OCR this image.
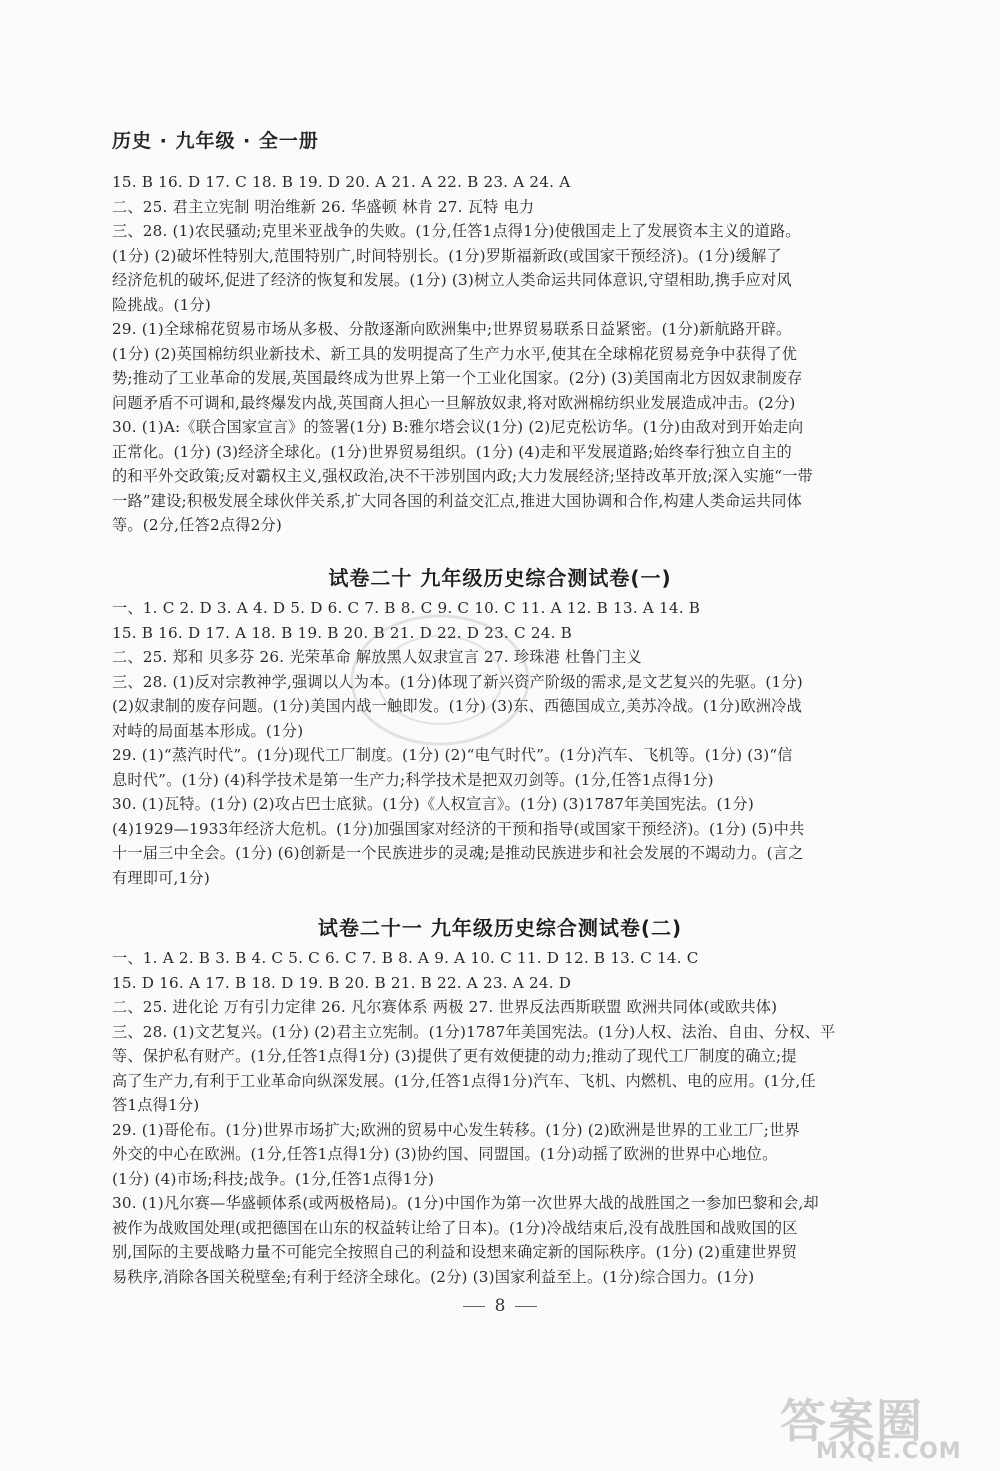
历史 · 九年级 · 全一册
15. B 16. D 17. C 18. B 19. D 20. A 21. A 22. B 23. A 24. A
二、25. 君主立宪制 明治维新 26. 华盛顿 林肯 27. 瓦特 电力
三、28. (1)农民骚动;克里米亚战争的失败。(1分,任答1点得1分)使俄国走上了发展资本主义的道路。
(1分) (2)破坏性特别大,范围特别广,时间特别长。(1分)罗斯福新政(或国家干预经济)。(1分)缓解了
经济危机的破坏,促进了经济的恢复和发展。(1分) (3)树立人类命运共同体意识,守望相助,携手应对风
险挑战。(1分)
29. (1)全球棉花贸易市场从多极、分散逐渐向欧洲集中;世界贸易联系日益紧密。(1分)新航路开辟。
(1分) (2)英国棉纺织业新技术、新工具的发明提高了生产力水平,使其在全球棉花贸易竞争中获得了优
势;推动了工业革命的发展,英国最终成为世界上第一个工业化国家。(2分) (3)美国南北方因奴隶制废存
问题矛盾不可调和,最终爆发内战,英国商人担心一旦解放奴隶,将对欧洲棉纺织业发展造成冲击。(2分)
30. (1)A:《联合国家宣言》的签署(1分) B:雅尔塔会议(1分) (2)尼克松访华。(1分)由敌对到开始走向
正常化。(1分) (3)经济全球化。(1分)世界贸易组织。(1分) (4)走和平发展道路;始终奉行独立自主的
的和平外交政策;反对霸权主义,强权政治,决不干涉别国内政;大力发展经济;坚持改革开放;深入实施“一带
一路”建设;积极发展全球伙伴关系,扩大同各国的利益交汇点,推进大国协调和合作,构建人类命运共同体
等。(2分,任答2点得2分)
试卷二十 九年级历史综合测试卷(一)
一、1. C 2. D 3. A 4. D 5. D 6. C 7. B 8. C 9. C 10. C 11. A 12. B 13. A 14. B
15. B 16. D 17. A 18. B 19. B 20. B 21. D 22. D 23. C 24. B
二、25. 郑和 贝多芬 26. 光荣革命 解放黑人奴隶宣言 27. 珍珠港 杜鲁门主义
三、28. (1)反对宗教神学,强调以人为本。(1分)体现了新兴资产阶级的需求,是文艺复兴的先驱。(1分)
(2)奴隶制的废存问题。(1分)美国内战一触即发。(1分) (3)东、西德国成立,美苏冷战。(1分)欧洲冷战
对峙的局面基本形成。(1分)
29. (1)“蒸汽时代”。(1分)现代工厂制度。(1分) (2)“电气时代”。(1分)汽车、飞机等。(1分) (3)“信
息时代”。(1分) (4)科学技术是第一生产力;科学技术是把双刃剑等。(1分,任答1点得1分)
30. (1)瓦特。(1分) (2)攻占巴士底狱。(1分)《人权宣言》。(1分) (3)1787年美国宪法。(1分)
(4)1929—1933年经济大危机。(1分)加强国家对经济的干预和指导(或国家干预经济)。(1分) (5)中共
十一届三中全会。(1分) (6)创新是一个民族进步的灵魂;是推动民族进步和社会发展的不竭动力。(言之
有理即可,1分)
试卷二十一 九年级历史综合测试卷(二)
一、1. A 2. B 3. B 4. C 5. C 6. C 7. B 8. A 9. A 10. C 11. D 12. B 13. C 14. C
15. D 16. A 17. B 18. D 19. B 20. B 21. B 22. A 23. A 24. D
二、25. 进化论 万有引力定律 26. 凡尔赛体系 两极 27. 世界反法西斯联盟 欧洲共同体(或欧共体)
三、28. (1)文艺复兴。(1分) (2)君主立宪制。(1分)1787年美国宪法。(1分)人权、法治、自由、分权、平
等、保护私有财产。(1分,任答1点得1分) (3)提供了更有效便捷的动力;推动了现代工厂制度的确立;提
高了生产力,有利于工业革命向纵深发展。(1分,任答1点得1分)汽车、飞机、内燃机、电的应用。(1分,任
答1点得1分)
29. (1)哥伦布。(1分)世界市场扩大;欧洲的贸易中心发生转移。(1分) (2)欧洲是世界的工业工厂;世界
外交的中心在欧洲。(1分,任答1点得1分) (3)协约国、同盟国。(1分)动摇了欧洲的世界中心地位。
(1分) (4)市场;科技;战争。(1分,任答1点得1分)
30. (1)凡尔赛—华盛顿体系(或两极格局)。(1分)中国作为第一次世界大战的战胜国之一参加巴黎和会,却
被作为战败国处理(或把德国在山东的权益转让给了日本)。(1分)冷战结束后,没有战胜国和战败国的区
别,国际的主要战略力量不可能完全按照自己的利益和设想来确定新的国际秩序。(1分) (2)重建世界贸
易秩序,消除各国关税壁垒;有利于经济全球化。(2分) (3)国家利益至上。(1分)综合国力。(1分)
8
答案圈
MXQE.COM
